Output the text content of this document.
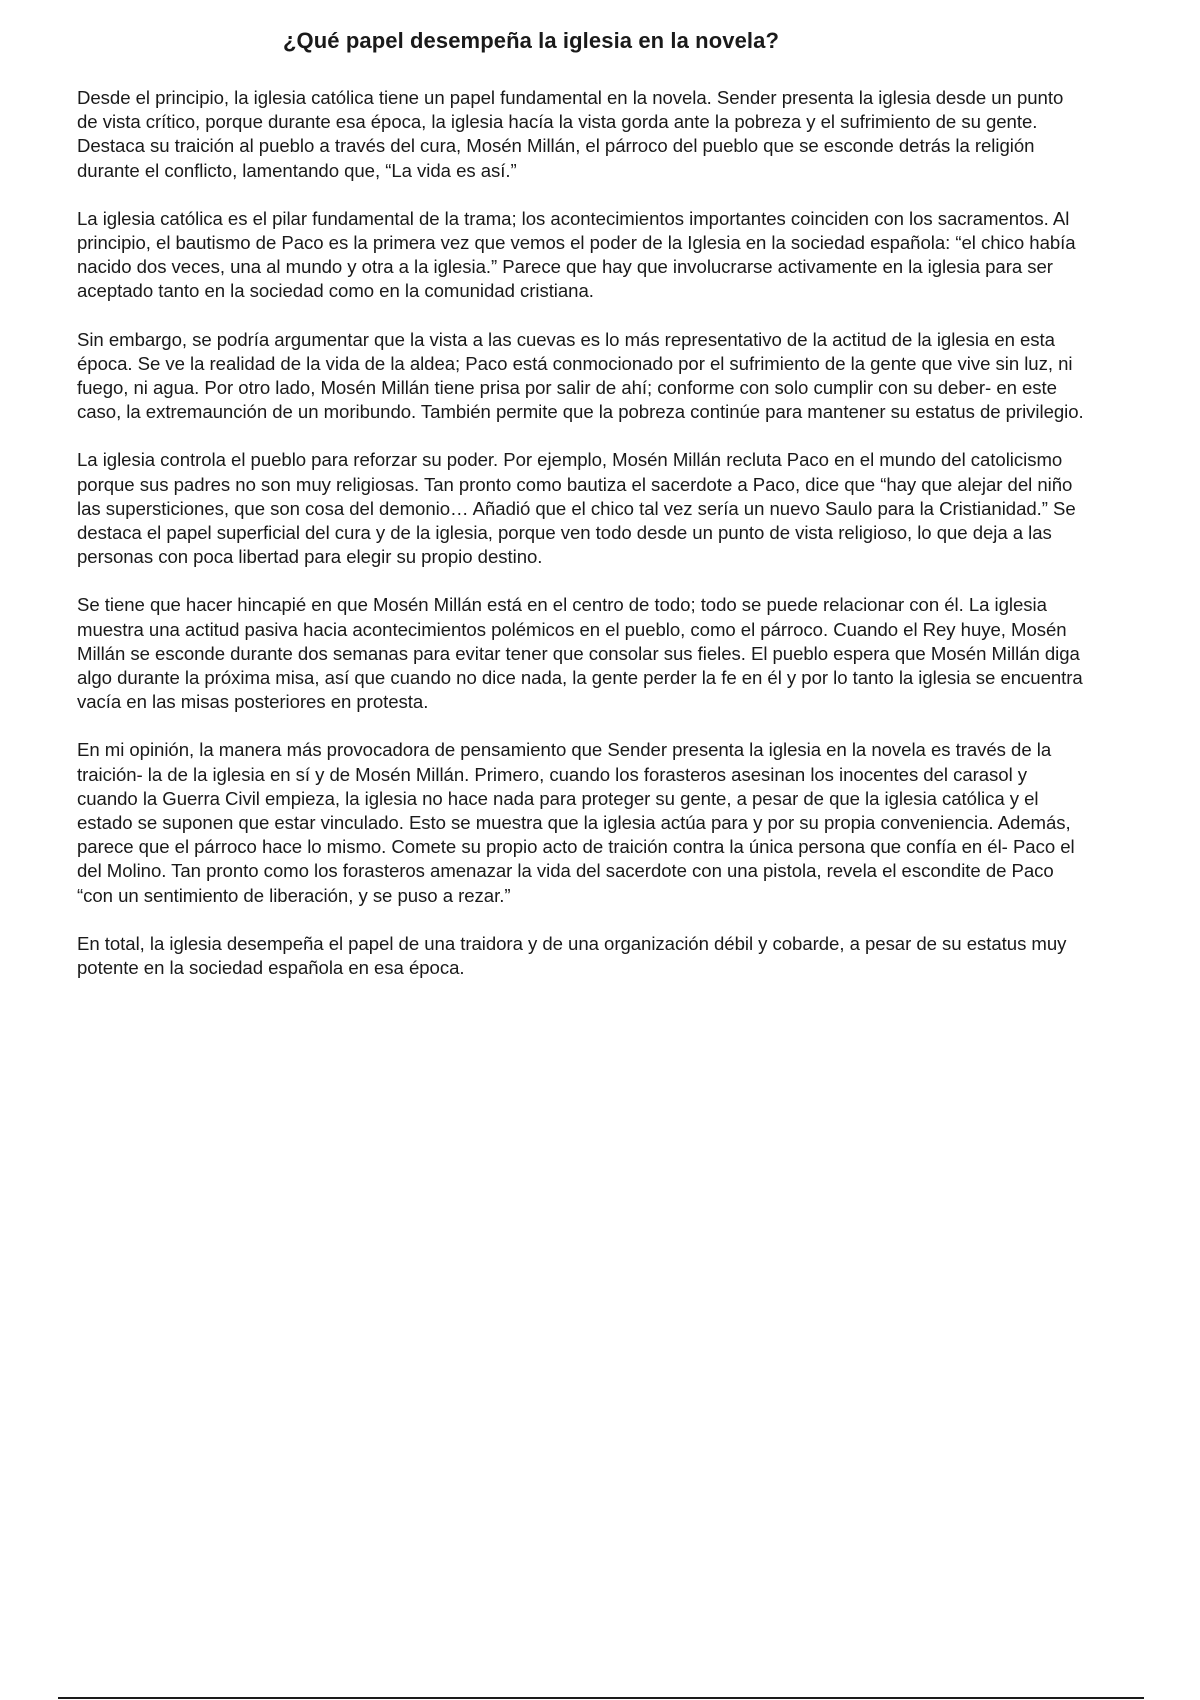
¿Qué papel desempeña la iglesia en la novela?

Desde el principio, la iglesia católica tiene un papel fundamental en la novela. Sender presenta la iglesia desde un punto de vista crítico, porque durante esa época, la iglesia hacía la vista gorda ante la pobreza y el sufrimiento de su gente. Destaca su traición al pueblo a través del cura, Mosén Millán, el párroco del pueblo que se esconde detrás la religión durante el conflicto, lamentando que, “La vida es así.”

La iglesia católica es el pilar fundamental de la trama; los acontecimientos importantes coinciden con los sacramentos. Al principio, el bautismo de Paco es la primera vez que vemos el poder de la Iglesia en la sociedad española: “el chico había nacido dos veces, una al mundo y otra a la iglesia.” Parece que hay que involucrarse activamente en la iglesia para ser aceptado tanto en la sociedad como en la comunidad cristiana.

Sin embargo, se podría argumentar que la vista a las cuevas es lo más representativo de la actitud de la iglesia en esta época. Se ve la realidad de la vida de la aldea; Paco está conmocionado por el sufrimiento de la gente que vive sin luz, ni fuego, ni agua. Por otro lado, Mosén Millán tiene prisa por salir de ahí; conforme con solo cumplir con su deber- en este caso, la extremaunción de un moribundo. También permite que la pobreza continúe para mantener su estatus de privilegio.

La iglesia controla el pueblo para reforzar su poder. Por ejemplo, Mosén Millán recluta Paco en el mundo del catolicismo porque sus padres no son muy religiosas. Tan pronto como bautiza el sacerdote a Paco, dice que “hay que alejar del niño las supersticiones, que son cosa del demonio… Añadió que el chico tal vez sería un nuevo Saulo para la Cristianidad.” Se destaca el papel superficial del cura y de la iglesia, porque ven todo desde un punto de vista religioso, lo que deja a las personas con poca libertad para elegir su propio destino.

Se tiene que hacer hincapié en que Mosén Millán está en el centro de todo; todo se puede relacionar con él. La iglesia muestra una actitud pasiva hacia acontecimientos polémicos en el pueblo, como el párroco. Cuando el Rey huye, Mosén Millán se esconde durante dos semanas para evitar tener que consolar sus fieles. El pueblo espera que Mosén Millán diga algo durante la próxima misa, así que cuando no dice nada, la gente perder la fe en él y por lo tanto la iglesia se encuentra vacía en las misas posteriores en protesta.

En mi opinión, la manera más provocadora de pensamiento que Sender presenta la iglesia en la novela es través de la traición- la de la iglesia en sí y de Mosén Millán. Primero, cuando los forasteros asesinan los inocentes del carasol y cuando la Guerra Civil empieza, la iglesia no hace nada para proteger su gente, a pesar de que la iglesia católica y el estado se suponen que estar vinculado. Esto se muestra que la iglesia actúa para y por su propia conveniencia. Además, parece que el párroco hace lo mismo. Comete su propio acto de traición contra la única persona que confía en él- Paco el del Molino. Tan pronto como los forasteros amenazar la vida del sacerdote con una pistola, revela el escondite de Paco “con un sentimiento de liberación, y se puso a rezar.”

En total, la iglesia desempeña el papel de una traidora y de una organización débil y cobarde, a pesar de su estatus muy potente en la sociedad española en esa época.
